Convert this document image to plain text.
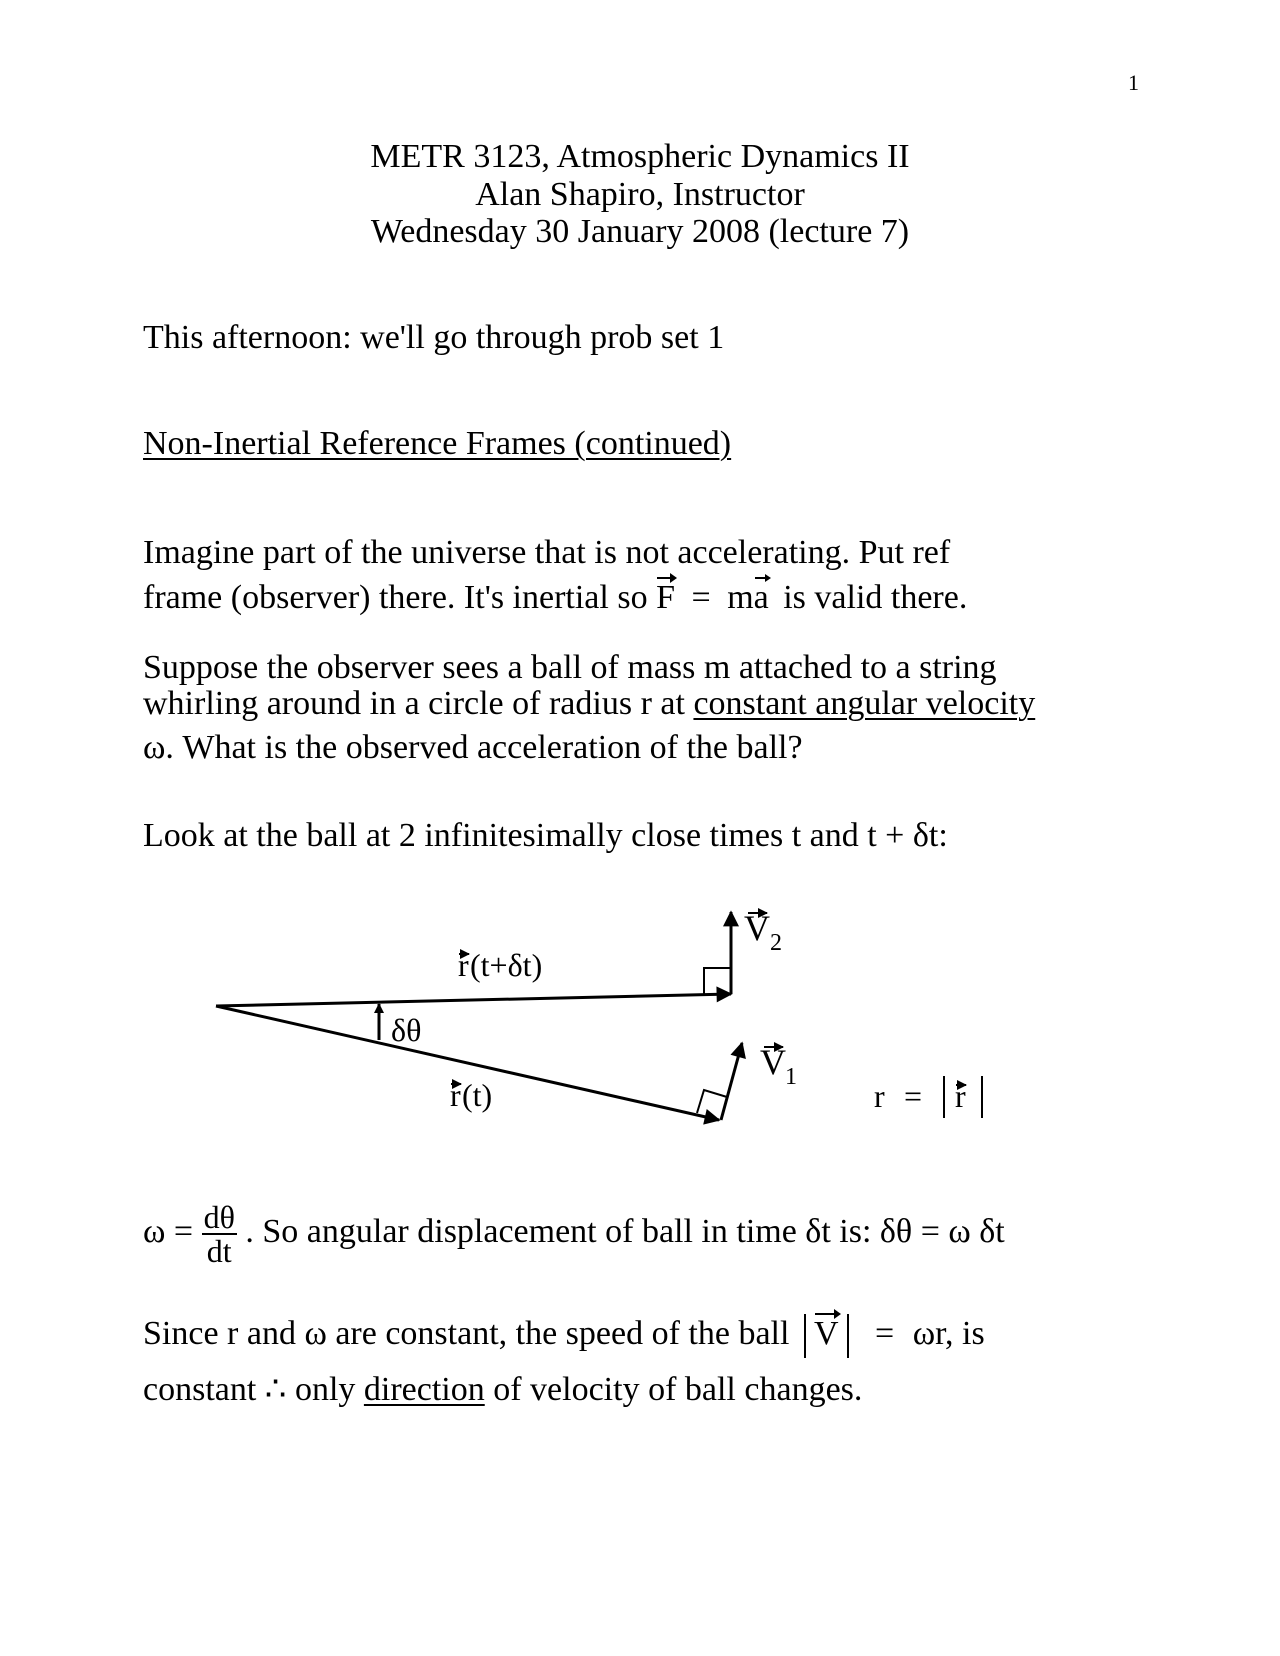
1
METR 3123, Atmospheric Dynamics II
Alan Shapiro, Instructor
Wednesday 30 January 2008 (lecture 7)
This afternoon: we'll go through prob set 1
Non-Inertial Reference Frames (continued)
Imagine part of the universe that is not accelerating. Put ref
frame (observer) there. It's inertial so F = ma is valid there.
Suppose the observer sees a ball of mass m attached to a string
whirling around in a circle of radius r at constant angular velocity
ω. What is the observed acceleration of the ball?
Look at the ball at 2 infinitesimally close times t and t + δt:
δθ
r (t+δt)
r (t)
V 2
V 1
r = r
$\omega = \frac{d\theta}{dt}$ . So angular displacement of ball in time δt is: δθ = ω δt
Since r and ω are constant, the speed of the ball V = ωr, is
constant ∴ only direction of velocity of ball changes.
